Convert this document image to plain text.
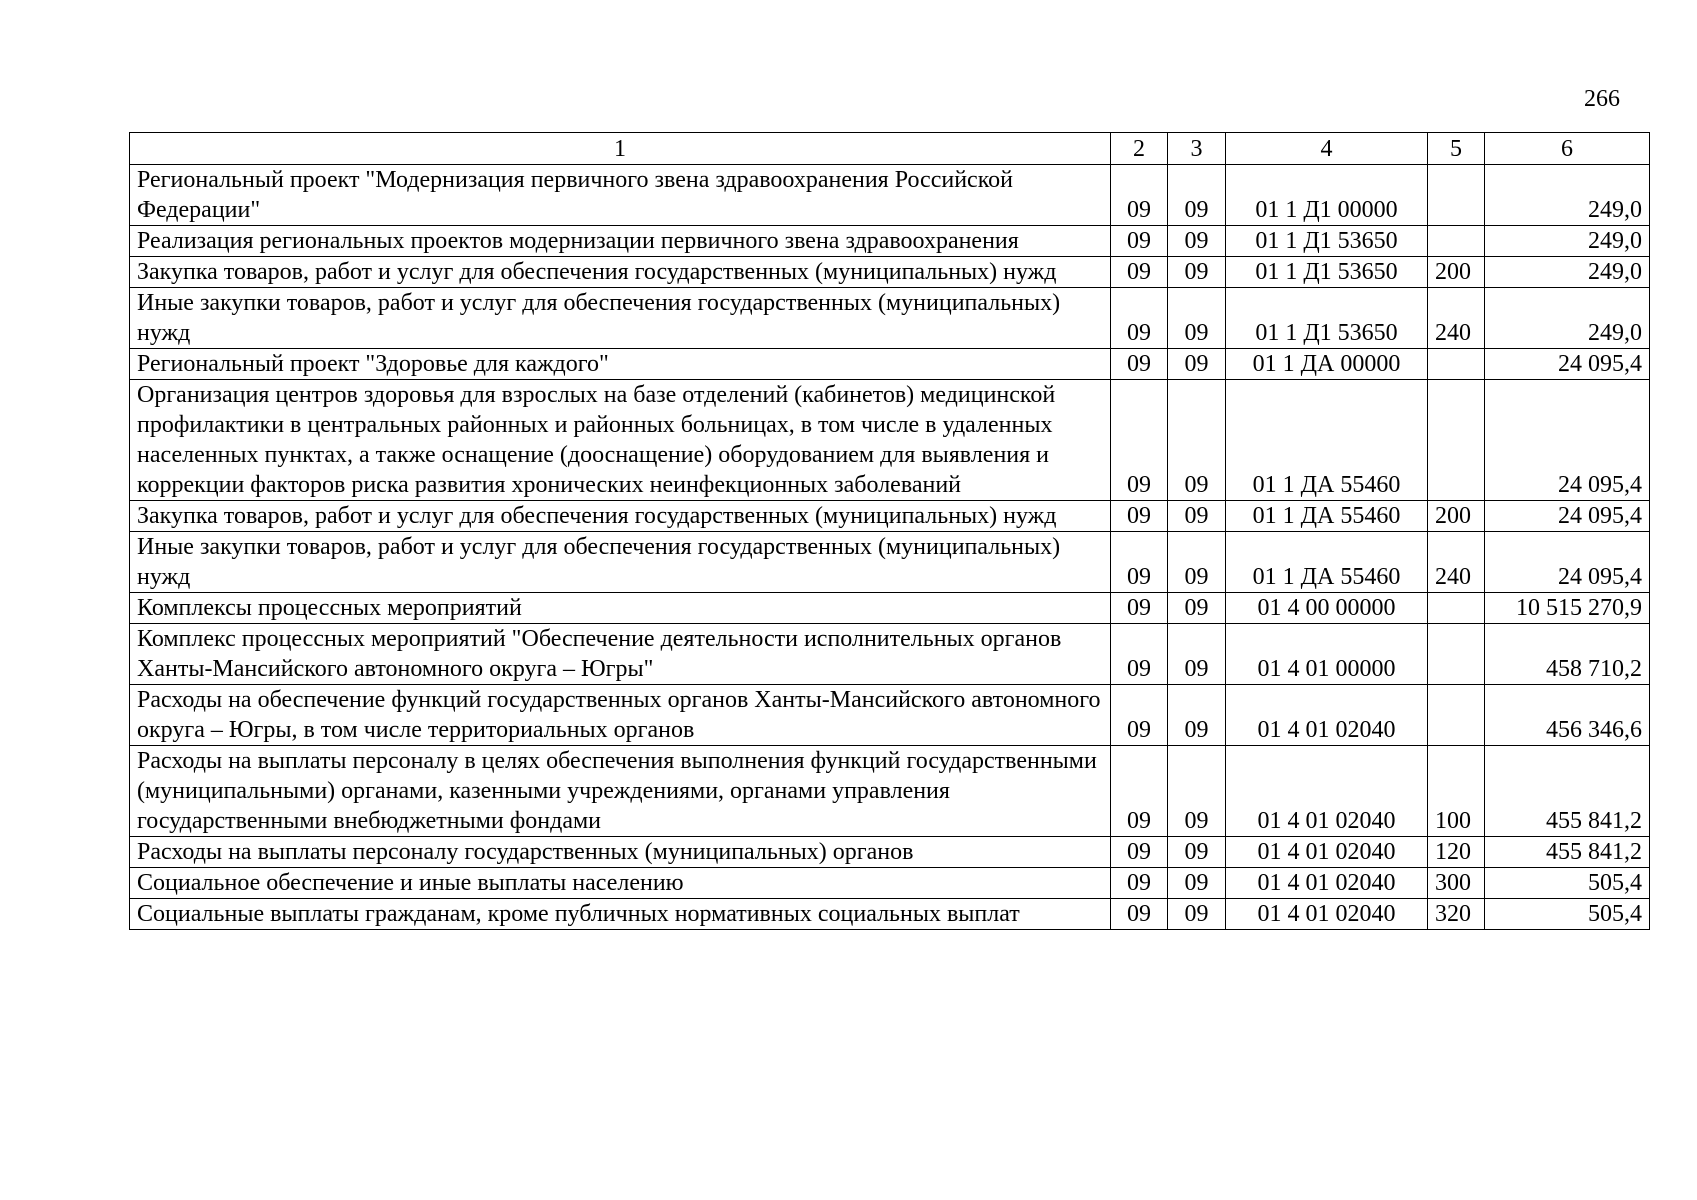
266
1	2	3	4	5	6
Региональный проект "Модернизация первичного звена здравоохранения Российской Федерации"	09	09	01 1 Д1 00000		249,0
Реализация региональных проектов модернизации первичного звена здравоохранения	09	09	01 1 Д1 53650		249,0
Закупка товаров, работ и услуг для обеспечения государственных (муниципальных) нужд	09	09	01 1 Д1 53650	200	249,0
Иные закупки товаров, работ и услуг для обеспечения государственных (муниципальных) нужд	09	09	01 1 Д1 53650	240	249,0
Региональный проект "Здоровье для каждого"	09	09	01 1 ДА 00000		24 095,4
Организация центров здоровья для взрослых на базе отделений (кабинетов) медицинской профилактики в центральных районных и районных больницах, в том числе в удаленных населенных пунктах, а также оснащение (дооснащение) оборудованием для выявления и коррекции факторов риска развития хронических неинфекционных заболеваний	09	09	01 1 ДА 55460		24 095,4
Закупка товаров, работ и услуг для обеспечения государственных (муниципальных) нужд	09	09	01 1 ДА 55460	200	24 095,4
Иные закупки товаров, работ и услуг для обеспечения государственных (муниципальных) нужд	09	09	01 1 ДА 55460	240	24 095,4
Комплексы процессных мероприятий	09	09	01 4 00 00000		10 515 270,9
Комплекс процессных мероприятий "Обеспечение деятельности исполнительных органов Ханты-Мансийского автономного округа – Югры"	09	09	01 4 01 00000		458 710,2
Расходы на обеспечение функций государственных органов Ханты-Мансийского автономного округа – Югры, в том числе территориальных органов	09	09	01 4 01 02040		456 346,6
Расходы на выплаты персоналу в целях обеспечения выполнения функций государственными (муниципальными) органами, казенными учреждениями, органами управления государственными внебюджетными фондами	09	09	01 4 01 02040	100	455 841,2
Расходы на выплаты персоналу государственных (муниципальных) органов	09	09	01 4 01 02040	120	455 841,2
Социальное обеспечение и иные выплаты населению	09	09	01 4 01 02040	300	505,4
Социальные выплаты гражданам, кроме публичных нормативных социальных выплат	09	09	01 4 01 02040	320	505,4
